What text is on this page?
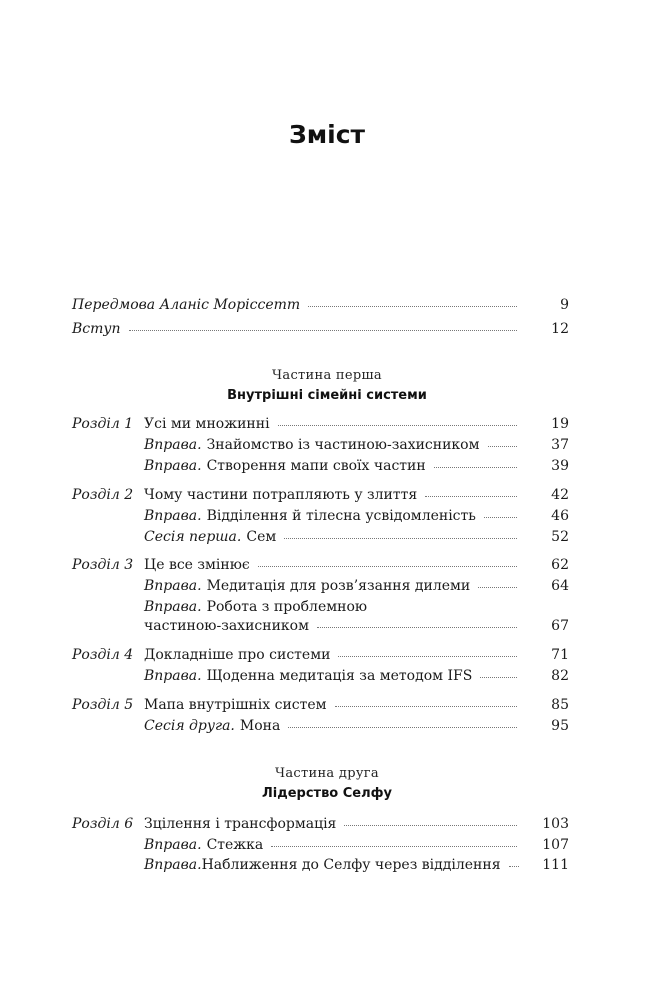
Зміст
Передмова Аланіс Моріссетт	9
Вступ	12
Частина перша
Внутрішні сімейні системи
Розділ 1 Усі ми множинні	19
Вправа. Знайомство із частиною-захисником	37
Вправа. Створення мапи своїх частин	39
Розділ 2 Чому частини потрапляють у злиття	42
Вправа. Відділення й тілесна усвідомленість	46
Сесія перша. Сем	52
Розділ 3 Це все змінює	62
Вправа. Медитація для розв’язання дилеми	64
Вправа. Робота з проблемною
частиною-захисником	67
Розділ 4 Докладніше про системи	71
Вправа. Щоденна медитація за методом IFS	82
Розділ 5 Мапа внутрішніх систем	85
Сесія друга. Мона	95
Частина друга
Лідерство Селфу
Розділ 6 Зцілення і трансформація	103
Вправа. Стежка	107
Вправа. Наближення до Селфу через відділення	111
